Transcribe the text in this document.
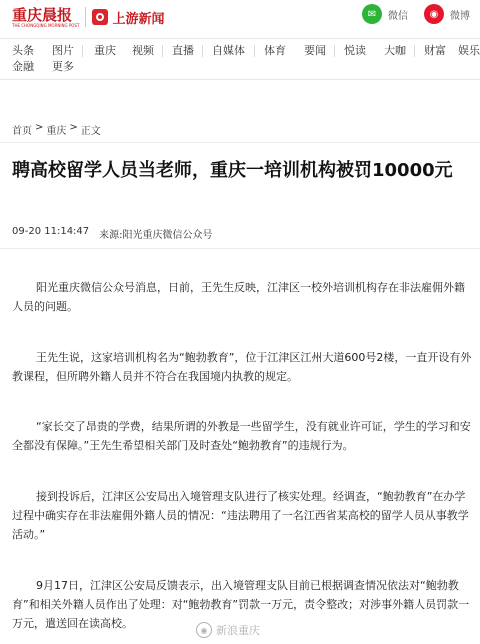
重庆晨报
THE CHONGQING MORNING POST	上游新闻	✉ 微信 ◉ 微博
头条 图片 重庆 视频 直播 自媒体 体育 要闻 悦读 大咖 财富 娱乐
金融 更多
首页 > 重庆 > 正文
聘高校留学人员当老师，重庆一培训机构被罚10000元
09-20 11:14:47 来源:阳光重庆微信公众号

阳光重庆微信公众号消息，日前，王先生反映，江津区一校外培训机构存在非法雇佣外籍人员的问题。

王先生说，这家培训机构名为“鲍勃教育”，位于江津区江州大道600号2楼，一直开设有外教课程，但所聘外籍人员并不符合在我国境内执教的规定。

“家长交了昂贵的学费，结果所谓的外教是一些留学生，没有就业许可证，学生的学习和安全都没有保障。”王先生希望相关部门及时查处“鲍勃教育”的违规行为。

接到投诉后，江津区公安局出入境管理支队进行了核实处理。经调查，“鲍勃教育”在办学过程中确实存在非法雇佣外籍人员的情况：“违法聘用了一名江西省某高校的留学人员从事教学活动。”

9月17日，江津区公安局反馈表示，出入境管理支队目前已根据调查情况依法对“鲍勃教育”和相关外籍人员作出了处理：对“鲍勃教育”罚款一万元，责令整改；对涉事外籍人员罚款一万元，遣送回在读高校。	◉ 新浪重庆
